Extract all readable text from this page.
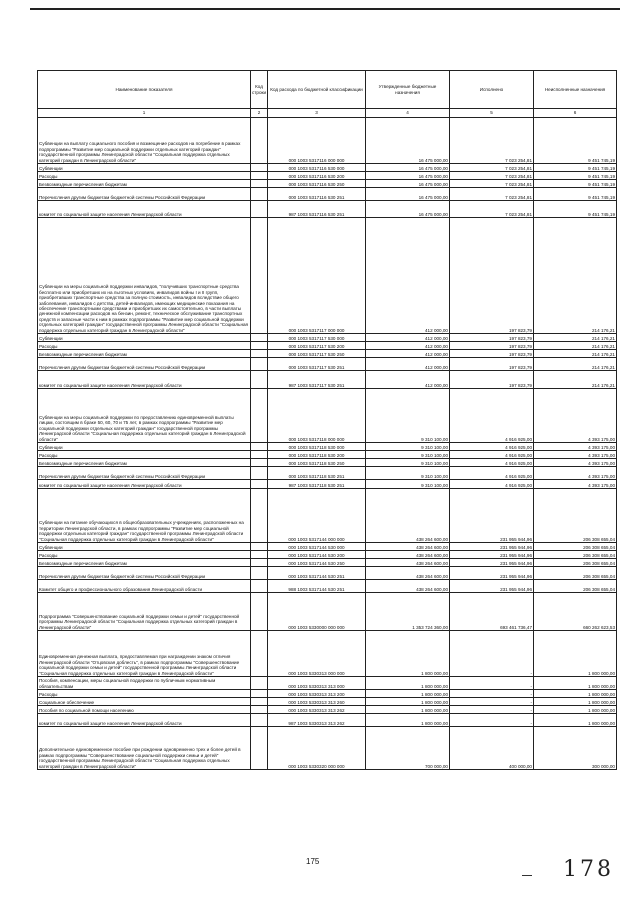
Наименование показателя	Код строки	Код расхода по бюджетной классификации	Утвержденные бюджетные назначения	Исполнено	Неисполненные назначения
1	2	3	4	5	6
Субвенции на выплату социального пособия и возмещение расходов на погребение в рамках подпрограммы "Развитие мер социальной поддержки отдельных категорий граждан" государственной программы Ленинградской области "Социальная поддержка отдельных категорий граждан в Ленинградской области"		000 1003 5317116 000 000	16 475 000,00	7 023 254,81	9 451 745,19
Субвенции		000 1003 5317116 530 000	16 475 000,00	7 023 254,81	9 451 745,19
Расходы		000 1003 5317116 530 200	16 475 000,00	7 023 254,81	9 451 745,19
Безвозмездные перечисления бюджетам		000 1003 5317116 530 250	16 475 000,00	7 023 254,81	9 451 745,19
Перечисления другим бюджетам бюджетной системы Российской Федерации		000 1003 5317116 530 251	16 475 000,00	7 023 254,81	9 451 745,19
комитет по социальной защите населения Ленинградской области		987 1003 5317116 530 251	16 475 000,00	7 023 254,81	9 451 745,19
Субвенции на меры социальной поддержки инвалидов, "получивших транспортные средства бесплатно или приобретших их на льготных условиях, инвалидов войны I и II групп, приобретавших транспортные средства за полную стоимость, инвалидов вследствие общего заболевания, инвалидов с детства, детей-инвалидов, имеющих медицинские показания на обеспечение транспортными средствами и приобретших их самостоятельно, в части выплаты денежной компенсации расходов на бензин, ремонт, техническое обслуживание транспортных средств и запасные части к ним в рамках подпрограммы "Развитие мер социальной поддержки отдельных категорий граждан" государственной программы Ленинградской области "Социальная поддержка отдельных категорий граждан в Ленинградской области"		000 1003 5317117 000 000	412 000,00	197 823,79	214 176,21
Субвенции		000 1003 5317117 530 000	412 000,00	197 823,79	214 176,21
Расходы		000 1003 5317117 530 200	412 000,00	197 823,79	214 176,21
Безвозмездные перечисления бюджетам		000 1003 5317117 530 250	412 000,00	197 823,79	214 176,21
Перечисления другим бюджетам бюджетной системы Российской Федерации		000 1003 5317117 530 251	412 000,00	197 823,79	214 176,21
комитет по социальной защите населения Ленинградской области		987 1003 5317117 530 251	412 000,00	197 823,79	214 176,21
Субвенции на меры социальной поддержки по предоставлению единовременной выплаты лицам, состоящим в браке 50, 60, 70 и 75 лет, в рамках подпрограммы "Развитие мер социальной поддержки отдельных категорий граждан" государственной программы Ленинградской области "Социальная поддержка отдельных категорий граждан в Ленинградской области"		000 1003 5317118 000 000	9 310 100,00	4 916 925,00	4 393 175,00
Субвенции		000 1003 5317118 530 000	9 310 100,00	4 916 925,00	4 393 175,00
Расходы		000 1003 5317118 530 200	9 310 100,00	4 916 925,00	4 393 175,00
Безвозмездные перечисления бюджетам		000 1003 5317118 530 250	9 310 100,00	4 916 925,00	4 393 175,00
Перечисления другим бюджетам бюджетной системы Российской Федерации		000 1003 5317118 530 251	9 310 100,00	4 916 925,00	4 393 175,00
комитет по социальной защите населения Ленинградской области		987 1003 5317118 530 251	9 310 100,00	4 916 925,00	4 393 175,00
Субвенции на питание обучающихся в общеобразовательных учреждениях, расположенных на территории Ленинградской области, в рамках подпрограммы "Развитие мер социальной поддержки отдельных категорий граждан" государственной программы Ленинградской области "Социальная поддержка отдельных категорий граждан в Ленинградской области"		000 1003 5317144 000 000	438 264 600,00	231 955 944,96	206 308 655,04
Субвенции		000 1003 5317144 530 000	438 264 600,00	231 955 944,96	206 308 655,04
Расходы		000 1003 5317144 530 200	438 264 600,00	231 955 944,96	206 308 655,04
Безвозмездные перечисления бюджетам		000 1003 5317144 530 250	438 264 600,00	231 955 944,96	206 308 655,04
Перечисления другим бюджетам бюджетной системы Российской Федерации		000 1003 5317144 530 251	438 264 600,00	231 955 944,96	206 308 655,04
Комитет общего и профессионального образования Ленинградской области		988 1003 5317144 530 251	438 264 600,00	231 955 944,96	206 308 655,04
Подпрограмма "Совершенствование социальной поддержки семьи и детей" государственной программы Ленинградской области "Социальная поддержка отдельных категорий граждан в Ленинградской области"		000 1003 5330000 000 000	1 353 724 360,00	693 461 736,47	660 262 623,53
Единовременная денежная выплата, предоставляемая при награждении знаком отличия Ленинградской области "Отцовская доблесть", в рамках подпрограммы "Совершенствование социальной поддержки семьи и детей" государственной программы Ленинградской области "Социальная поддержка отдельных категорий граждан в Ленинградской области"		000 1003 5330313 000 000	1 800 000,00	-	1 800 000,00
Пособия, компенсации, меры социальной поддержки по публичным нормативным обязательствам		000 1003 5330313 313 000	1 800 000,00	-	1 800 000,00
Расходы		000 1003 5330313 313 200	1 800 000,00	-	1 800 000,00
Социальное обеспечение		000 1003 5330313 313 260	1 800 000,00	-	1 800 000,00
Пособия по социальной помощи населению		000 1003 5330313 313 262	1 800 000,00	-	1 800 000,00
комитет по социальной защите населения Ленинградской области		987 1003 5330313 313 262	1 800 000,00	-	1 800 000,00
Дополнительное единовременное пособие при рождении одновременно трех и более детей в рамках подпрограммы "Совершенствование социальной поддержки семьи и детей" государственной программы Ленинградской области "Социальная поддержка отдельных категорий граждан в Ленинградской области"		000 1003 5330320 000 000	700 000,00	400 000,00	300 000,00
175	178
